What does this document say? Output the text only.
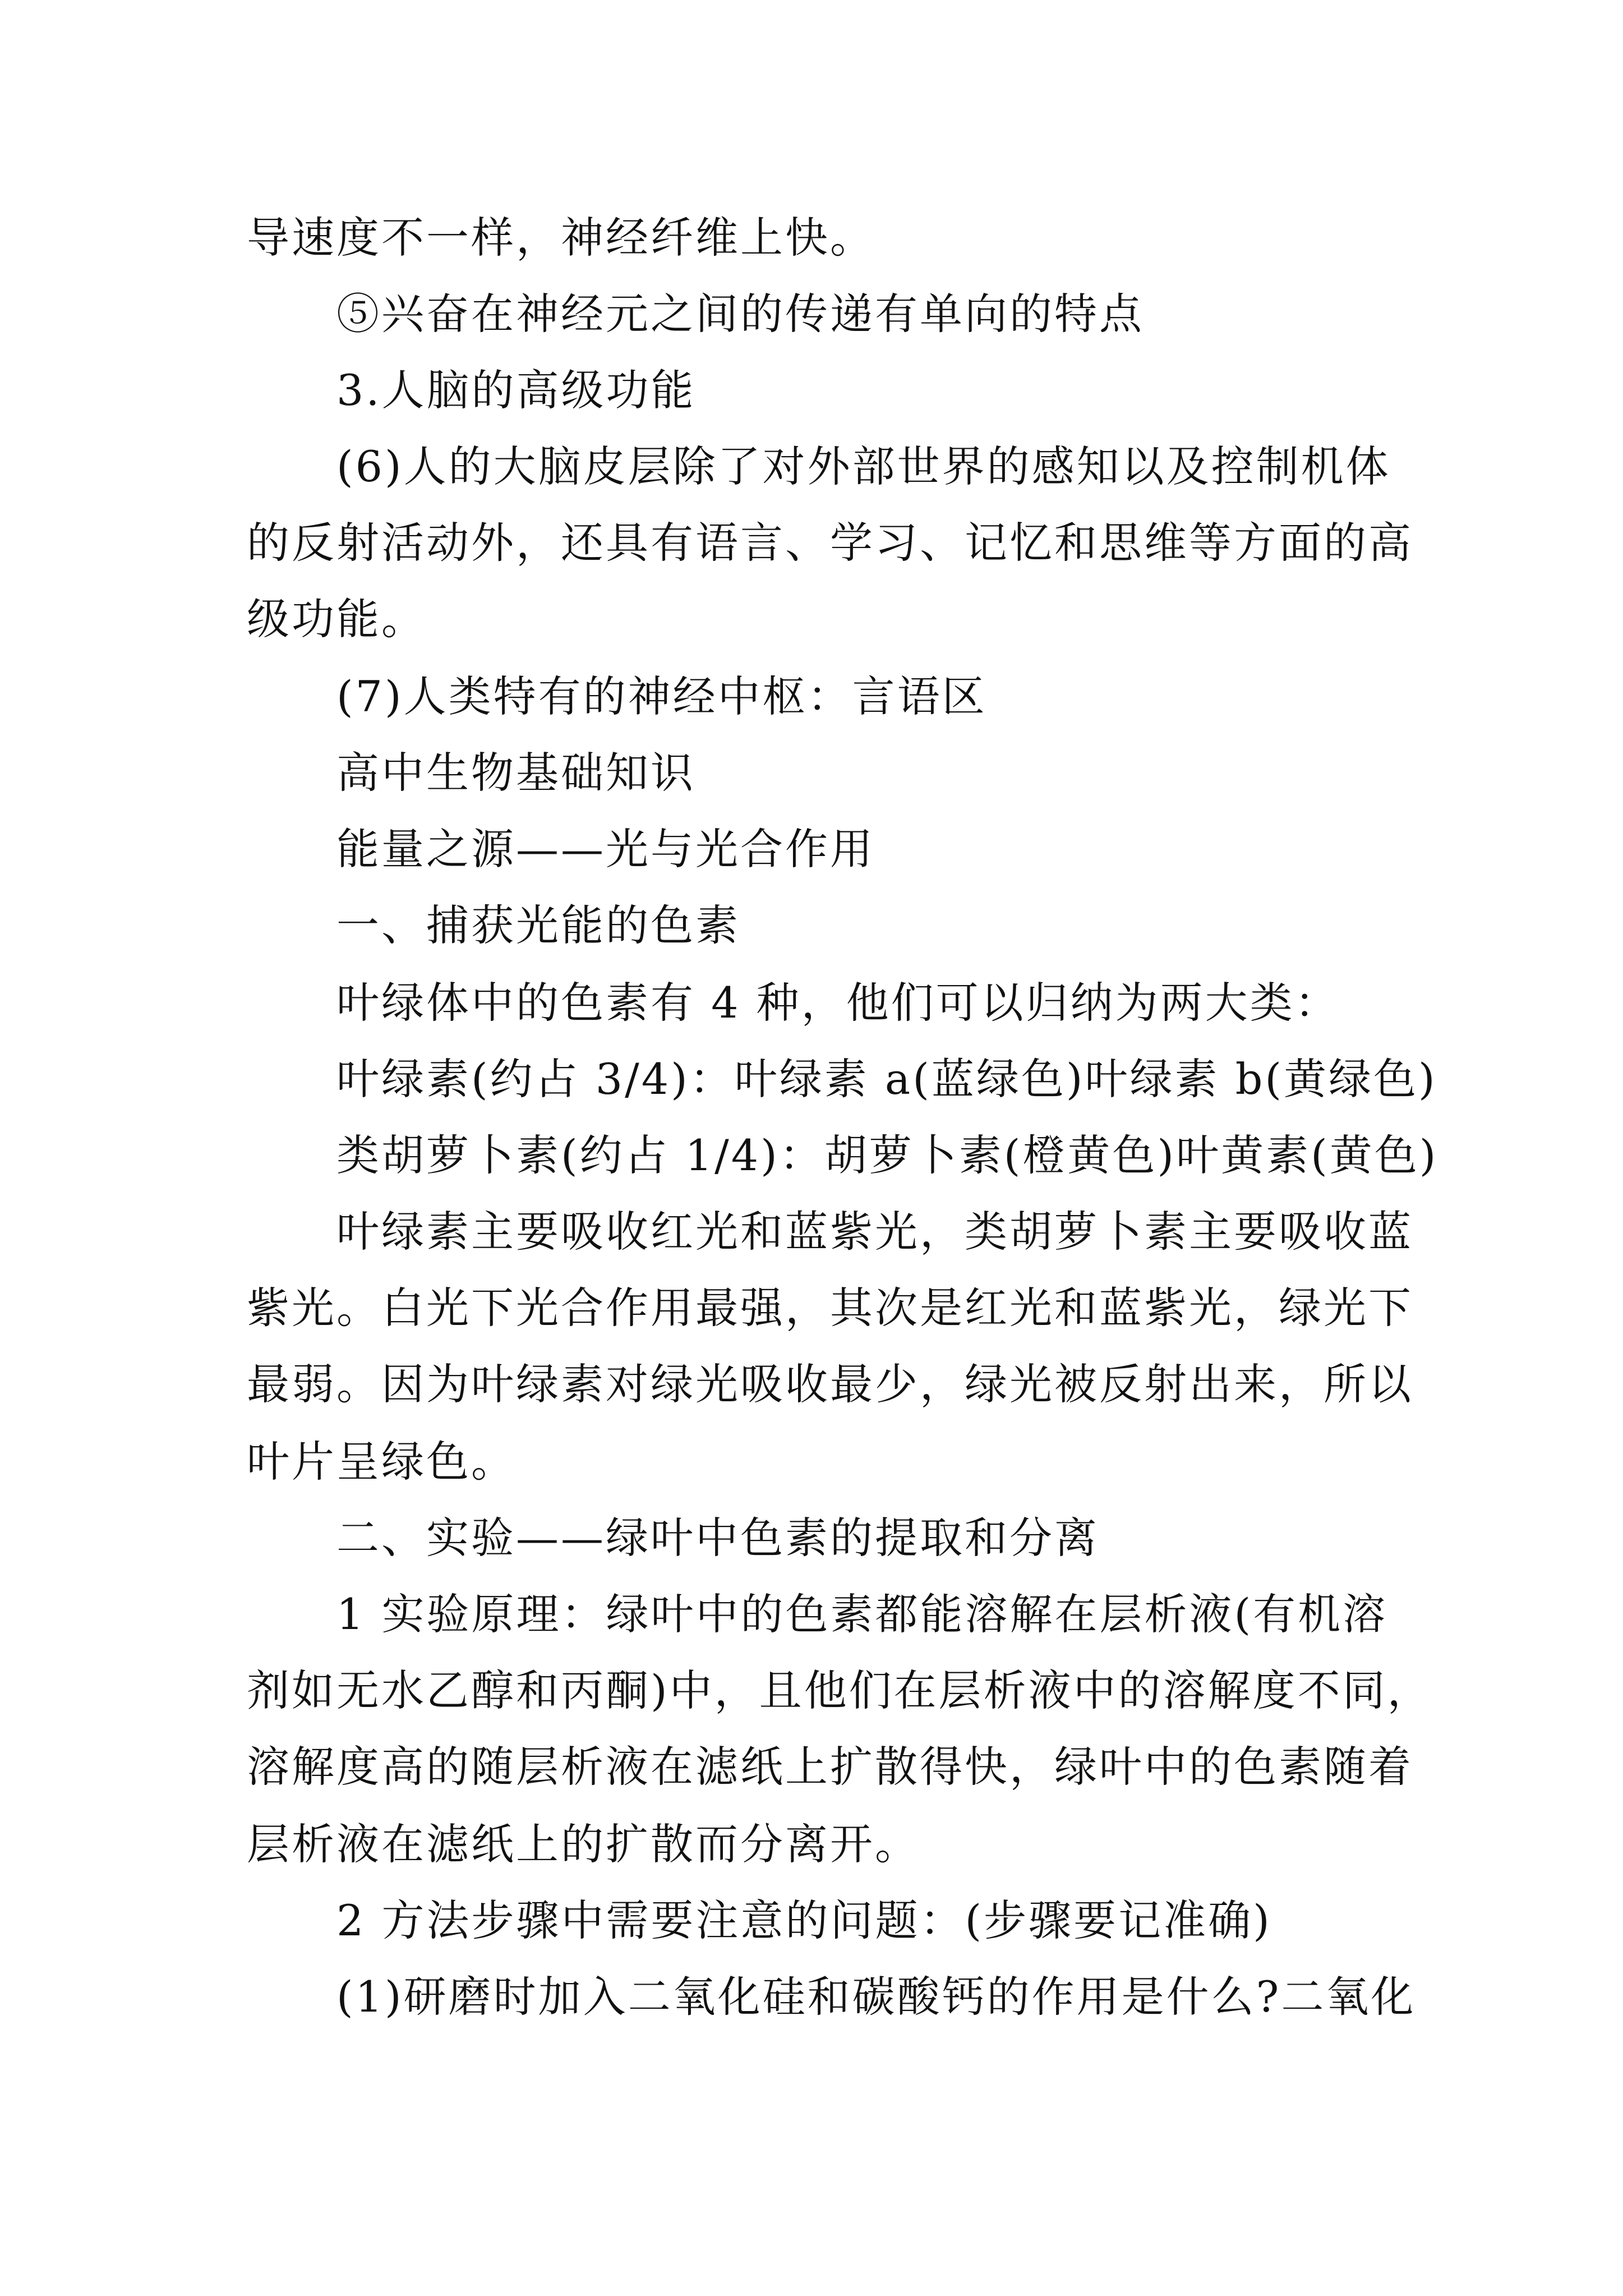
导速度不一样，神经纤维上快。
⑤兴奋在神经元之间的传递有单向的特点
3.人脑的高级功能
(6)人的大脑皮层除了对外部世界的感知以及控制机体
的反射活动外，还具有语言、学习、记忆和思维等方面的高
级功能。
(7)人类特有的神经中枢：言语区
高中生物基础知识
能量之源——光与光合作用
一、捕获光能的色素
叶绿体中的色素有 4 种，他们可以归纳为两大类：
叶绿素(约占 3/4)：叶绿素 a(蓝绿色)叶绿素 b(黄绿色)
类胡萝卜素(约占 1/4)：胡萝卜素(橙黄色)叶黄素(黄色)
叶绿素主要吸收红光和蓝紫光，类胡萝卜素主要吸收蓝
紫光。白光下光合作用最强，其次是红光和蓝紫光，绿光下
最弱。因为叶绿素对绿光吸收最少，绿光被反射出来，所以
叶片呈绿色。
二、实验——绿叶中色素的提取和分离
1 实验原理：绿叶中的色素都能溶解在层析液(有机溶
剂如无水乙醇和丙酮)中，且他们在层析液中的溶解度不同，
溶解度高的随层析液在滤纸上扩散得快，绿叶中的色素随着
层析液在滤纸上的扩散而分离开。
2 方法步骤中需要注意的问题：(步骤要记准确)
(1)研磨时加入二氧化硅和碳酸钙的作用是什么?二氧化
